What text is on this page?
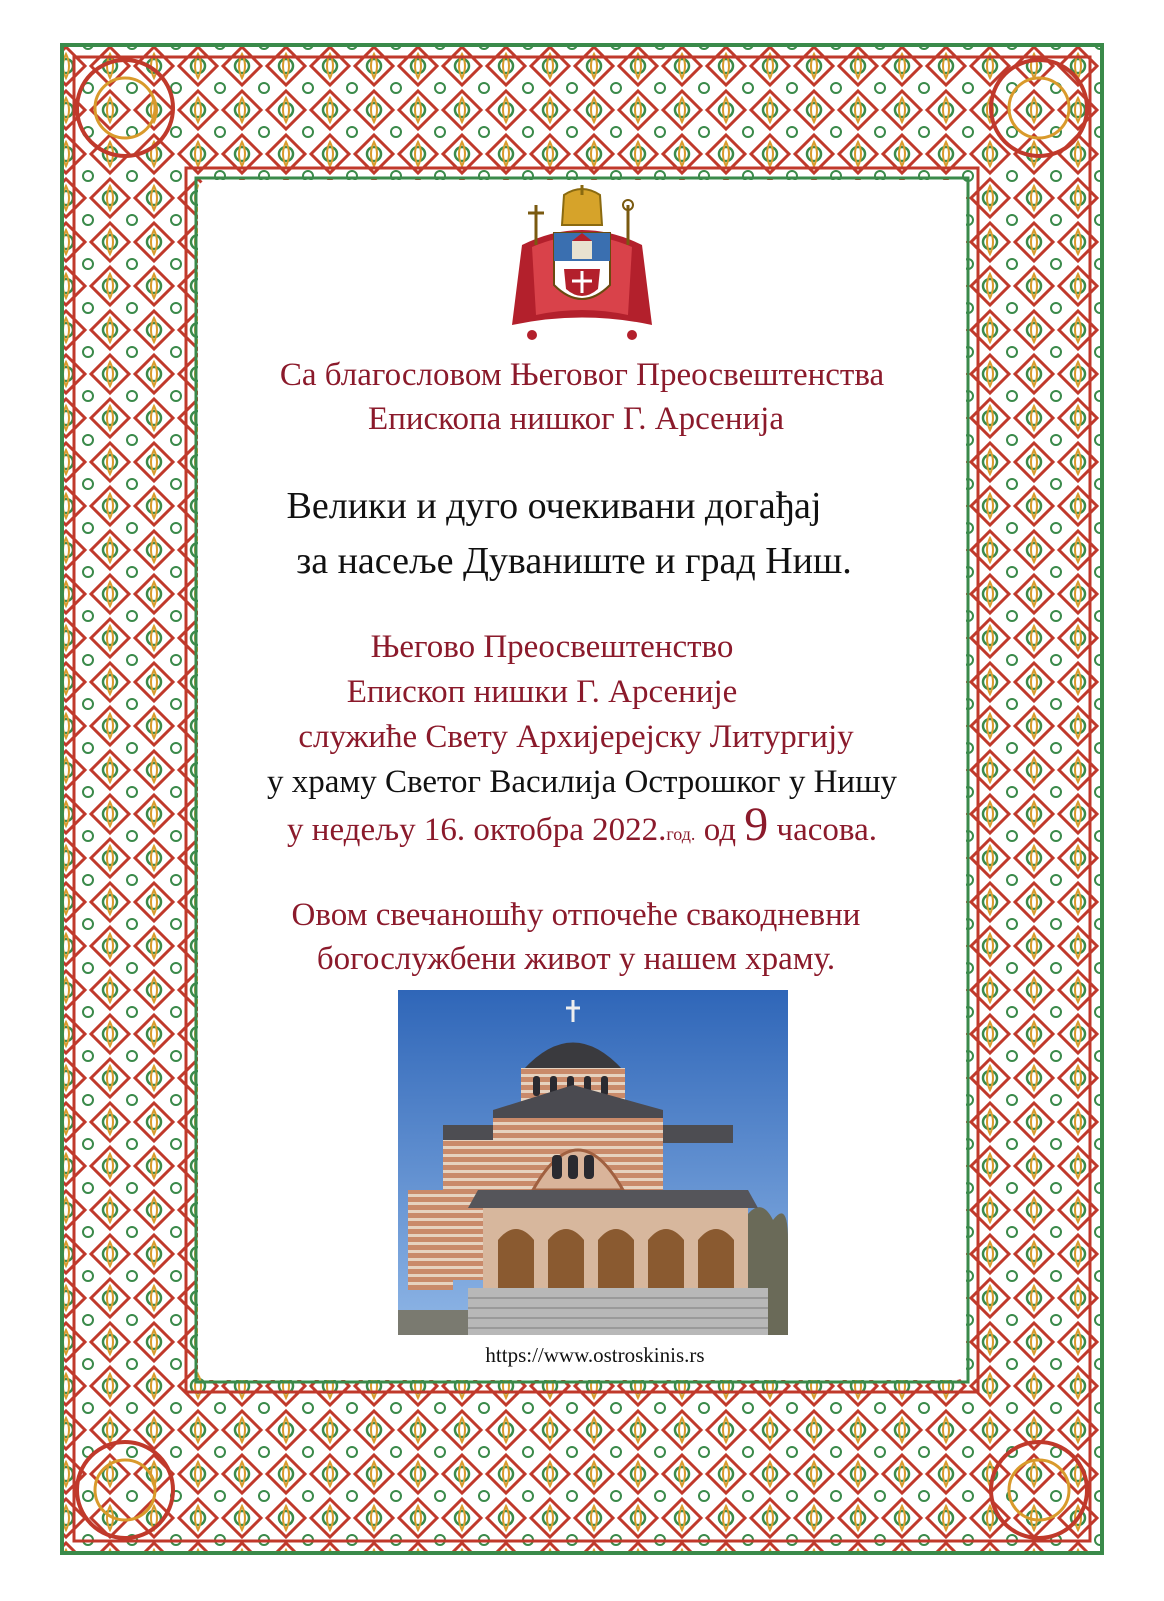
Са благословом Његовог Преосвештенства
Епископа нишког Г. Арсенија
Велики и дуго очекивани догађај
за насеље Дуваниште и град Ниш.
Његово Преосвештенство
Епископ нишки Г. Арсеније
служиће Свету Архијерејску Литургију
у храму Светог Василија Острошког у Нишу
у недељу 16. октобра 2022.год. од 9 часова.
Овом свечаношћу отпочеће свакодневни
богослужбени живот у нашем храму.
https://www.ostroskinis.rs
